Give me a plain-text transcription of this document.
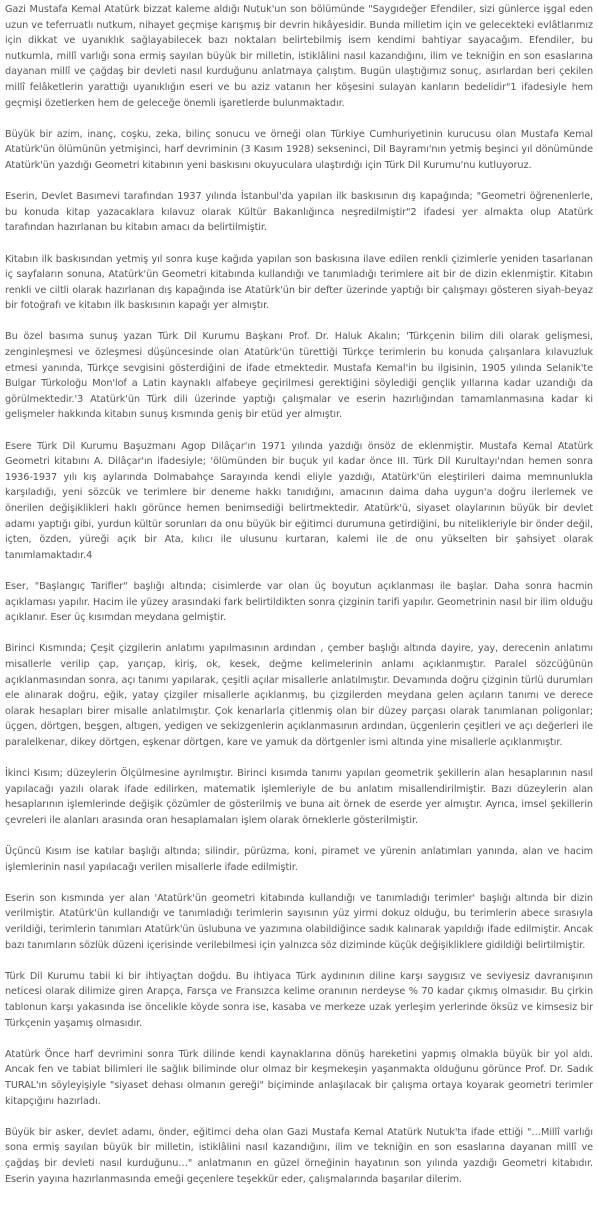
Gazi Mustafa Kemal Atatürk bizzat kaleme aldığı Nutuk'un son bölümünde "Saygıdeğer Efendiler, sizi günlerce işgal eden uzun ve teferruatlı nutkum, nihayet geçmişe karışmış bir devrin hikâyesidir. Bunda milletim için ve gelecekteki evlâtlarımız için dikkat ve uyanıklık sağlayabilecek bazı noktaları belirtebilmiş isem kendimi bahtiyar sayacağım. Efendiler, bu nutkumla, millî varlığı sona ermiş sayılan büyük bir milletin, istiklâlini nasıl kazandığını, ilim ve tekniğin en son esaslarına dayanan millî ve çağdaş bir devleti nasıl kurduğunu anlatmaya çalıştım. Bugün ulaştığımız sonuç, asırlardan beri çekilen millî felâketlerin yarattığı uyanıklığın eseri ve bu aziz vatanın her köşesini sulayan kanların bedelidir"1 ifadesiyle hem geçmişi özetlerken hem de geleceğe önemli işaretlerde bulunmaktadır.

Büyük bir azim, inanç, coşku, zeka, bilinç sonucu ve örneği olan Türkiye Cumhuriyetinin kurucusu olan Mustafa Kemal Atatürk'ün ölümünün yetmişinci, harf devriminin (3 Kasım 1928) sekseninci, Dil Bayramı'nın yetmiş beşinci yıl dönümünde Atatürk'ün yazdığı Geometri kitabının yeni baskısını okuyuculara ulaştırdığı için Türk Dil Kurumu'nu kutluyoruz.

Eserin, Devlet Basımevi tarafından 1937 yılında İstanbul'da yapılan ilk baskısının dış kapağında; "Geometri öğrenenlerle, bu konuda kitap yazacaklara kılavuz olarak Kültür Bakanlığınca neşredilmiştir"2 ifadesi yer almakta olup Atatürk tarafından hazırlanan bu kitabın amacı da belirtilmiştir.

Kitabın ilk baskısından yetmiş yıl sonra kuşe kağıda yapılan son baskısına ilave edilen renkli çizimlerle yeniden tasarlanan iç sayfaların sonuna, Atatürk'ün Geometri kitabında kullandığı ve tanımladığı terimlere ait bir de dizin eklenmiştir. Kitabın renkli ve ciltli olarak hazırlanan dış kapağında ise Atatürk'ün bir defter üzerinde yaptığı bir çalışmayı gösteren siyah-beyaz bir fotoğrafı ve kitabın ilk baskısının kapağı yer almıştır.

Bu özel basıma sunuş yazan Türk Dil Kurumu Başkanı Prof. Dr. Haluk Akalın; 'Türkçenin bilim dili olarak gelişmesi, zenginleşmesi ve özleşmesi düşüncesinde olan Atatürk'ün türettiği Türkçe terimlerin bu konuda çalışanlara kılavuzluk etmesi yanında, Türkçe sevgisini gösterdiğini de ifade etmektedir. Mustafa Kemal'in bu ilgisinin, 1905 yılında Selanik'te Bulgar Türkoloğu Mon'lof a Latin kaynaklı alfabeye geçirilmesi gerektiğini söylediği gençlik yıllarına kadar uzandığı da görülmektedir.'3 Atatürk'ün Türk dili üzerinde yaptığı çalışmalar ve eserin hazırlığından tamamlanmasına kadar ki gelişmeler hakkında kitabın sunuş kısmında geniş bir etüd yer almıştır.

Esere Türk Dil Kurumu Başuzmanı Agop Dilâçar'ın 1971 yılında yazdığı önsöz de eklenmiştir. Mustafa Kemal Atatürk Geometri kitabını A. Dilâçar'ın ifadesiyle; 'ölümünden bir buçuk yıl kadar önce III. Türk Dil Kurultayı'ndan hemen sonra 1936-1937 yılı kış aylarında Dolmabahçe Sarayında kendi eliyle yazdığı, Atatürk'ün eleştirileri daima memnunlukla karşıladığı, yeni sözcük ve terimlere bir deneme hakkı tanıdığını, amacının daima daha uygun'a doğru ilerlemek ve önerilen değişiklikleri haklı görünce hemen benimsediği belirtmektedir. Atatürk'ü, siyaset olaylarının büyük bir devlet adamı yaptığı gibi, yurdun kültür sorunları da onu büyük bir eğitimci durumuna getirdiğini, bu nitelikleriyle bir önder değil, içten, özden, yüreği açık bir Ata, kılıcı ile ulusunu kurtaran, kalemi ile de onu yükselten bir şahsiyet olarak tanımlamaktadır.4

Eser, "Başlangıç Tarifler" başlığı altında; cisimlerde var olan üç boyutun açıklanması ile başlar. Daha sonra hacmin açıklaması yapılır. Hacim ile yüzey arasındaki fark belirtildikten sonra çizginin tarifi yapılır. Geometrinin nasıl bir ilim olduğu açıklanır. Eser üç kısımdan meydana gelmiştir.

Birinci Kısmında; Çeşit çizgilerin anlatımı yapılmasının ardından , çember başlığı altında dayire, yay, derecenin anlatımı misallerle verilip çap, yarıçap, kiriş, ok, kesek, değme kelimelerinin anlamı açıklanmıştır. Paralel sözcüğünün açıklanmasından sonra, açı tanımı yapılarak, çeşitli açılar misallerle anlatılmıştır. Devamında doğru çizginin türlü durumları ele alınarak doğru, eğik, yatay çizgiler misallerle açıklanmış, bu çizgilerden meydana gelen açıların tanımı ve derece olarak hesapları birer misalle anlatılmıştır. Çok kenarlarla çitlenmiş olan bir düzey parçası olarak tanımlanan poligonlar; üçgen, dörtgen, beşgen, altıgen, yedigen ve sekizgenlerin açıklanmasının ardından, üçgenlerin çeşitleri ve açı değerleri ile paralelkenar, dikey dörtgen, eşkenar dörtgen, kare ve yamuk da dörtgenler ismi altında yine misallerle açıklanmıştır.

İkinci Kısım; düzeylerin Ölçülmesine ayrılmıştır. Birinci kısımda tanımı yapılan geometrik şekillerin alan hesaplarının nasıl yapılacağı yazılı olarak ifade edilirken, matematik işlemleriyle de bu anlatım misallendirilmiştir. Bazı düzeylerin alan hesaplarının işlemlerinde değişik çözümler de gösterilmiş ve buna ait örnek de eserde yer almıştır. Ayrıca, imsel şekillerin çevreleri ile alanları arasında oran hesaplamaları işlem olarak örneklerle gösterilmiştir.

Üçüncü Kısım ise katılar başlığı altında; silindir, pürüzma, koni, piramet ve yürenin anlatımları yanında, alan ve hacim işlemlerinin nasıl yapılacağı verilen misallerle ifade edilmiştir.

Eserin son kısmında yer alan 'Atatürk'ün geometri kitabında kullandığı ve tanımladığı terimler' başlığı altında bir dizin verilmiştir. Atatürk'ün kullandığı ve tanımladığı terimlerin sayısının yüz yirmi dokuz olduğu, bu terimlerin abece sırasıyla verildiği, terimlerin tanımları Atatürk'ün üslubuna ve yazımına olabildiğince sadık kalınarak yapıldığı ifade edilmiştir. Ancak bazı tanımların sözlük düzeni içerisinde verilebilmesi için yalnızca söz diziminde küçük değişikliklere gidildiği belirtilmiştir.

Türk Dil Kurumu tabii ki bir ihtiyaçtan doğdu. Bu ihtiyaca Türk aydınının diline karşı saygısız ve seviyesiz davranışının neticesi olarak dilimize giren Arapça, Farsça ve Fransızca kelime oranının nerdeyse % 70 kadar çıkmış olmasıdır. Bu çirkin tablonun karşı yakasında ise öncelikle köyde sonra ise, kasaba ve merkeze uzak yerleşim yerlerinde öksüz ve kimsesiz bir Türkçenin yaşamış olmasıdır.

Atatürk Önce harf devrimini sonra Türk dilinde kendi kaynaklarına dönüş hareketini yapmış olmakla büyük bir yol aldı. Ancak fen ve tabiat bilimleri ile sağlık biliminde olur olmaz bir keşmekeşin yaşanmakta olduğunu görünce Prof. Dr. Sadık TURAL'ın söyleyişiyle "siyaset dehası olmanın gereği" biçiminde anlaşılacak bir çalışma ortaya koyarak geometri terimler kitapçığını hazırladı.

Büyük bir asker, devlet adamı, önder, eğitimci deha olan Gazi Mustafa Kemal Atatürk Nutuk'ta ifade ettiği "…Millî varlığı sona ermiş sayılan büyük bir milletin, istiklâlini nasıl kazandığını, ilim ve tekniğin en son esaslarına dayanan millî ve çağdaş bir devleti nasıl kurduğunu…" anlatmanın en güzel örneğinin hayatının son yılında yazdığı Geometri kitabıdır. Eserin yayına hazırlanmasında emeği geçenlere teşekkür eder, çalışmalarında başarılar dilerim.
